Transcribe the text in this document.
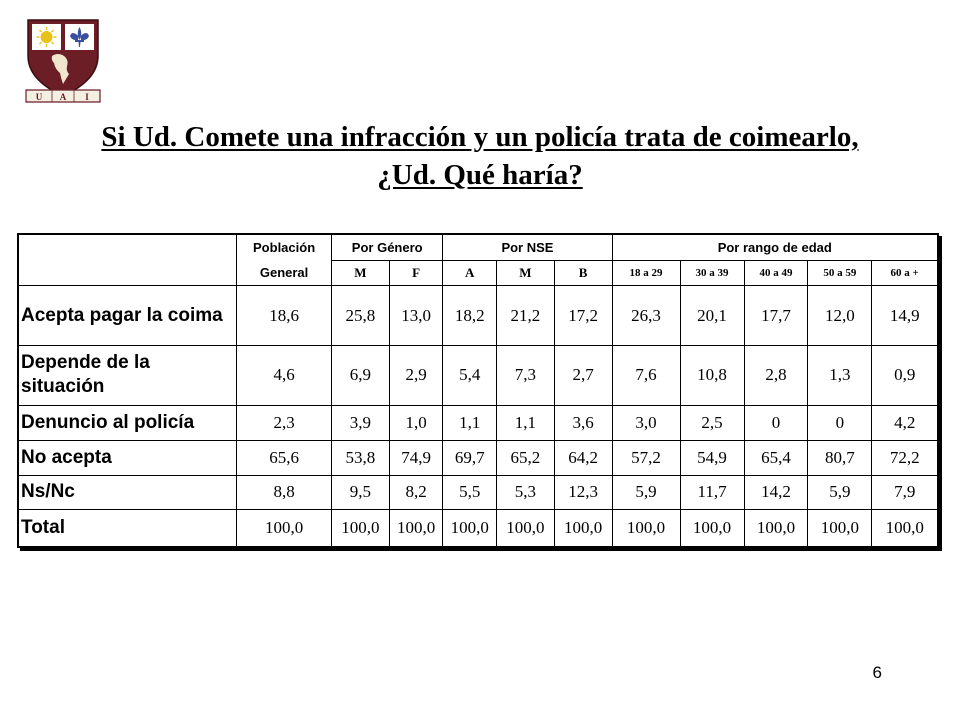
U A I
Si Ud. Comete una infracción y un policía trata de coimearlo,
¿Ud. Qué haría?
	Población	Por Género		Por NSE			Por rango de edad				
	General	M	F	A	M	B	18 a 29	30 a 39	40 a 49	50 a 59	60 a +
Acepta pagar la coima	18,6	25,8	13,0	18,2	21,2	17,2	26,3	20,1	17,7	12,0	14,9
Depende de la situación	4,6	6,9	2,9	5,4	7,3	2,7	7,6	10,8	2,8	1,3	0,9
Denuncio al policía	2,3	3,9	1,0	1,1	1,1	3,6	3,0	2,5	0	0	4,2
No acepta	65,6	53,8	74,9	69,7	65,2	64,2	57,2	54,9	65,4	80,7	72,2
Ns/Nc	8,8	9,5	8,2	5,5	5,3	12,3	5,9	11,7	14,2	5,9	7,9
Total	100,0	100,0	100,0	100,0	100,0	100,0	100,0	100,0	100,0	100,0	100,0
6
